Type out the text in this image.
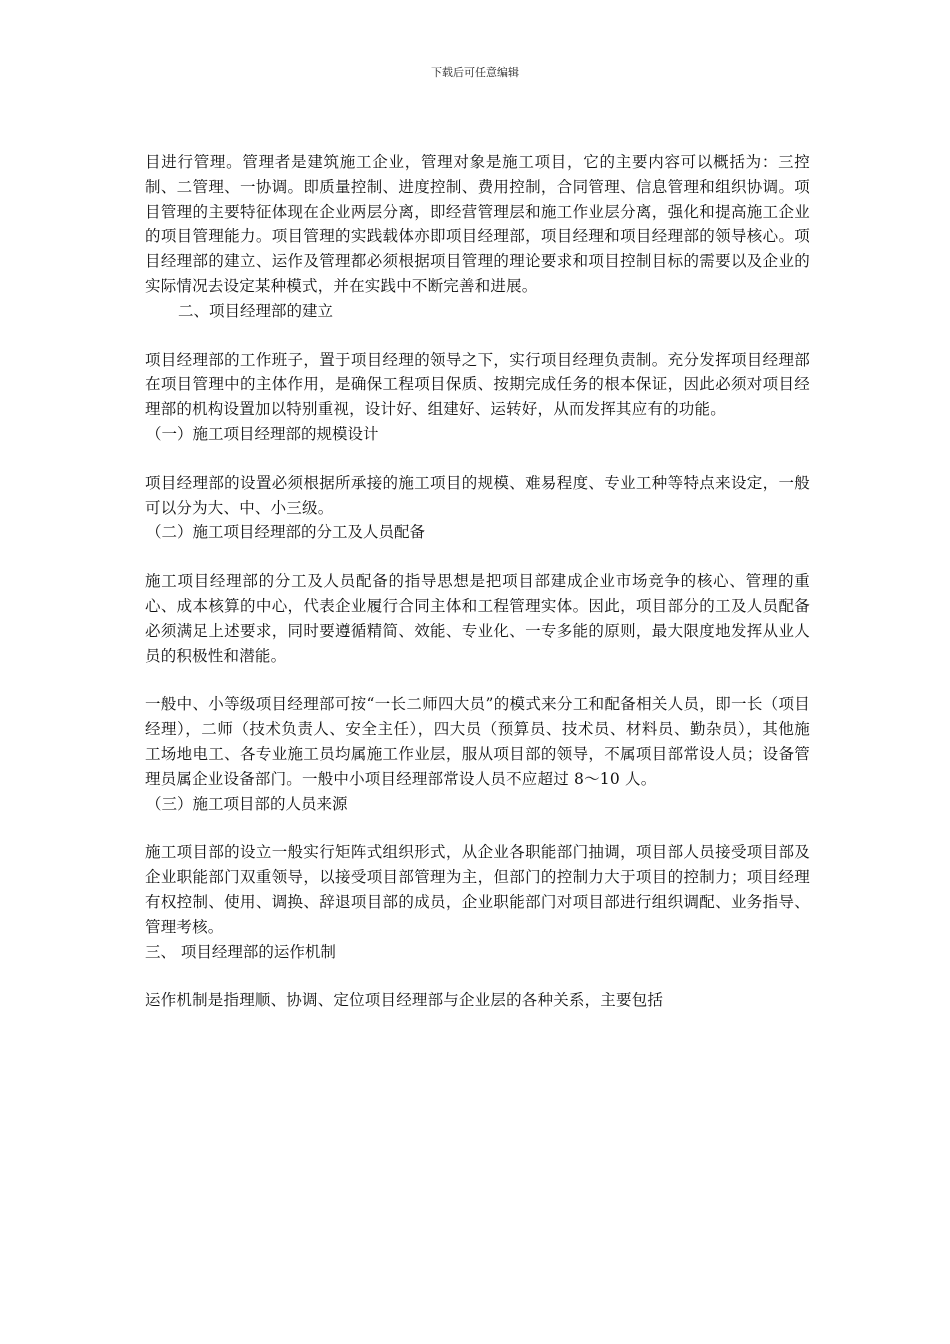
下载后可任意编辑

目进行管理。管理者是建筑施工企业，管理对象是施工项目，它的主要内容可以概括为：三控制、二管理、一协调。即质量控制、进度控制、费用控制，合同管理、信息管理和组织协调。项目管理的主要特征体现在企业两层分离，即经营管理层和施工作业层分离，强化和提高施工企业的项目管理能力。项目管理的实践载体亦即项目经理部，项目经理和项目经理部的领导核心。项目经理部的建立、运作及管理都必须根据项目管理的理论要求和项目控制目标的需要以及企业的实际情况去设定某种模式，并在实践中不断完善和进展。

二、项目经理部的建立

项目经理部的工作班子，置于项目经理的领导之下，实行项目经理负责制。充分发挥项目经理部在项目管理中的主体作用，是确保工程项目保质、按期完成任务的根本保证，因此必须对项目经理部的机构设置加以特别重视，设计好、组建好、运转好，从而发挥其应有的功能。

（一）施工项目经理部的规模设计

项目经理部的设置必须根据所承接的施工项目的规模、难易程度、专业工种等特点来设定，一般可以分为大、中、小三级。

（二）施工项目经理部的分工及人员配备

施工项目经理部的分工及人员配备的指导思想是把项目部建成企业市场竞争的核心、管理的重心、成本核算的中心，代表企业履行合同主体和工程管理实体。因此，项目部分的工及人员配备必须满足上述要求，同时要遵循精简、效能、专业化、一专多能的原则，最大限度地发挥从业人员的积极性和潜能。

一般中、小等级项目经理部可按“一长二师四大员”的模式来分工和配备相关人员，即一长（项目经理），二师（技术负责人、安全主任），四大员（预算员、技术员、材料员、勤杂员），其他施工场地电工、各专业施工员均属施工作业层，服从项目部的领导，不属项目部常设人员；设备管理员属企业设备部门。一般中小项目经理部常设人员不应超过 8～10 人。

（三）施工项目部的人员来源

施工项目部的设立一般实行矩阵式组织形式，从企业各职能部门抽调，项目部人员接受项目部及企业职能部门双重领导，以接受项目部管理为主，但部门的控制力大于项目的控制力；项目经理有权控制、使用、调换、辞退项目部的成员，企业职能部门对项目部进行组织调配、业务指导、管理考核。

三、 项目经理部的运作机制

运作机制是指理顺、协调、定位项目经理部与企业层的各种关系，主要包括
